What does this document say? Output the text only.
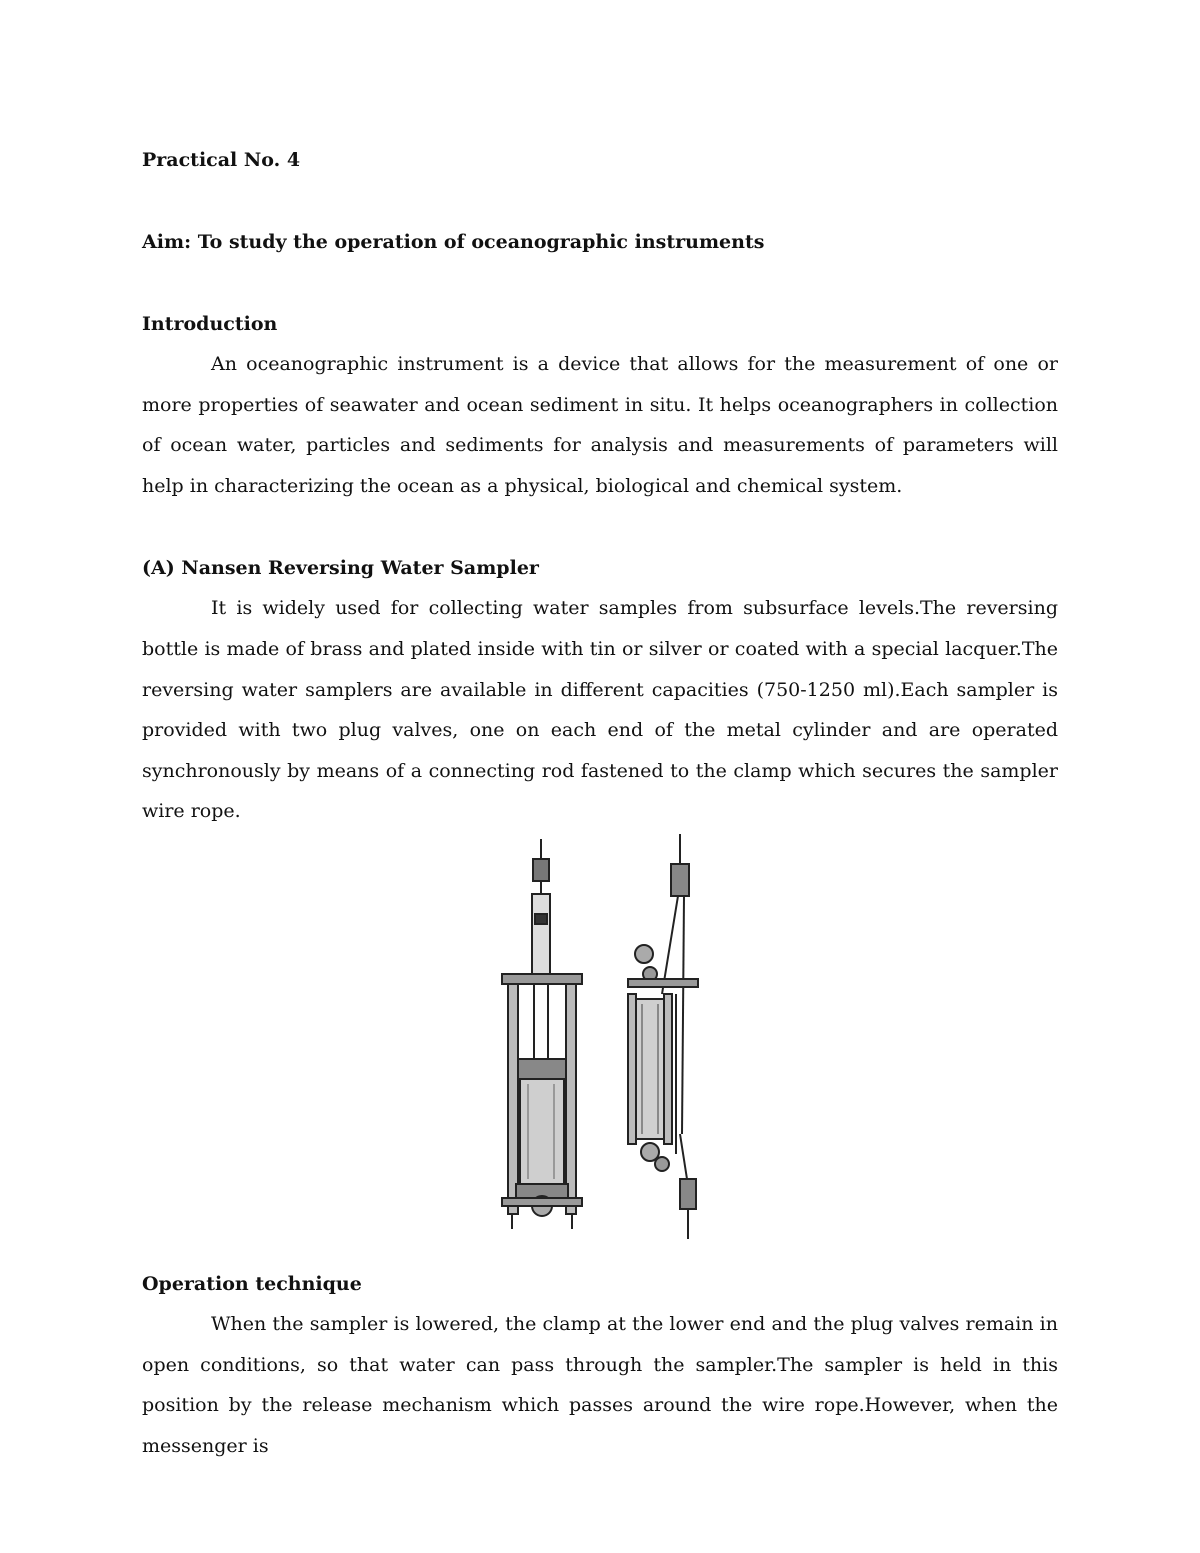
Practical No. 4

Aim: To study the operation of oceanographic instruments

Introduction

An oceanographic instrument is a device that allows for the measurement of one or more properties of seawater and ocean sediment in situ. It helps oceanographers in collection of ocean water, particles and sediments for analysis and measurements of parameters will help in characterizing the ocean as a physical, biological and chemical system.

(A) Nansen Reversing Water Sampler

It is widely used for collecting water samples from subsurface levels.The reversing bottle is made of brass and plated inside with tin or silver or coated with a special lacquer.The reversing water samplers are available in different capacities (750-1250 ml).Each sampler is provided with two plug valves, one on each end of the metal cylinder and are operated synchronously by means of a connecting rod fastened to the clamp which secures the sampler wire rope.

Operation technique

When the sampler is lowered, the clamp at the lower end and the plug valves remain in open conditions, so that water can pass through the sampler.The sampler is held in this position by the release mechanism which passes around the wire rope.However, when the messenger is
